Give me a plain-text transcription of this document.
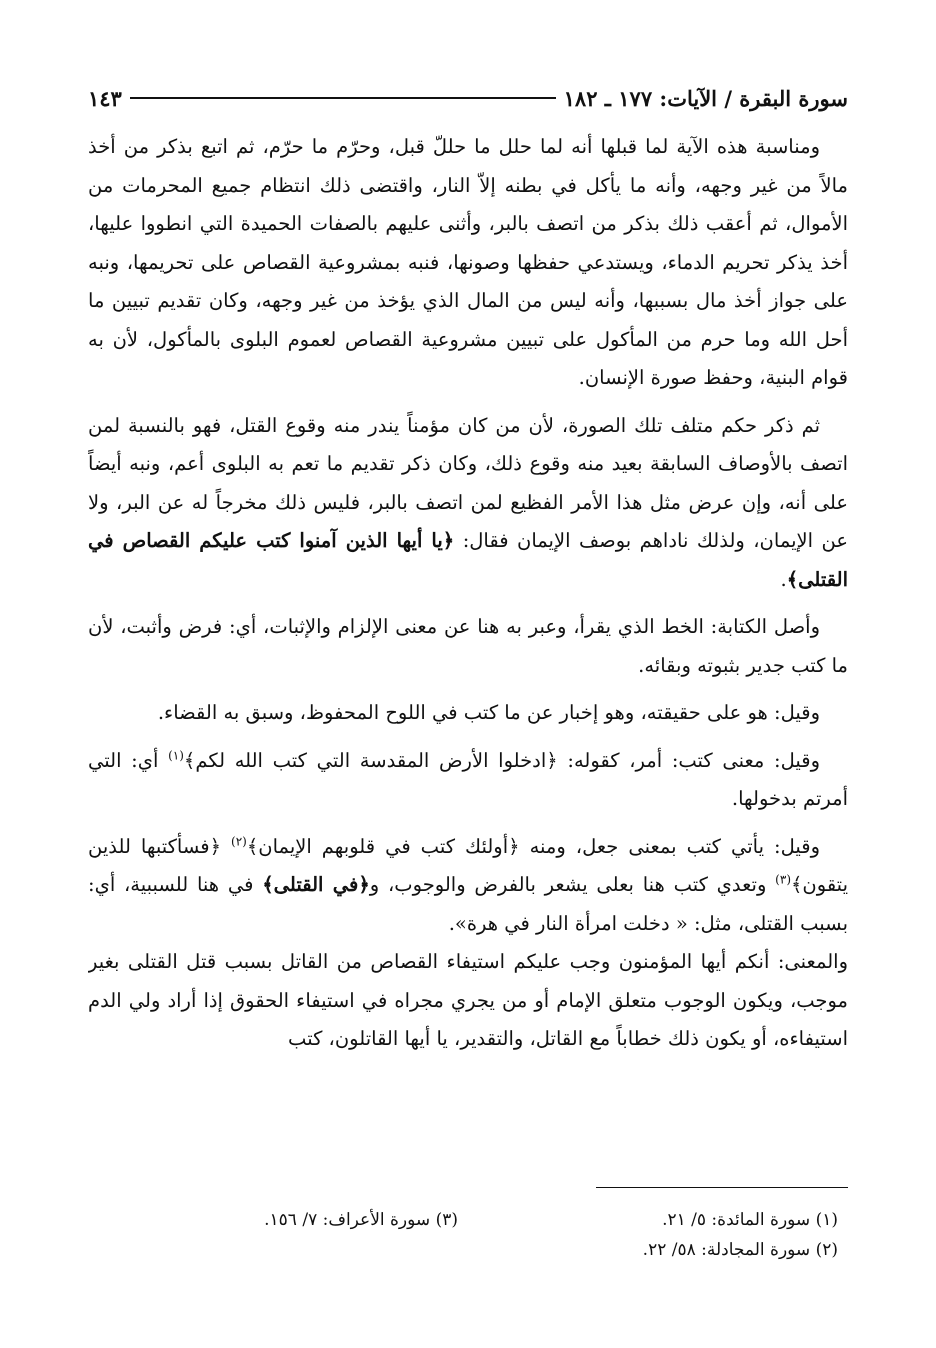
سورة البقرة / الآيات: ١٧٧ ـ ١٨٢
١٤٣

ومناسبة هذه الآية لما قبلها أنه لما حلل ما حللّ قبل، وحرّم ما حرّم، ثم اتبع بذكر من أخذ مالاً من غير وجهه، وأنه ما يأكل في بطنه إلاّ النار، واقتضى ذلك انتظام جميع المحرمات من الأموال، ثم أعقب ذلك بذكر من اتصف بالبر، وأثنى عليهم بالصفات الحميدة التي انطووا عليها، أخذ يذكر تحريم الدماء، ويستدعي حفظها وصونها، فنبه بمشروعية القصاص على تحريمها، ونبه على جواز أخذ مال بسببها، وأنه ليس من المال الذي يؤخذ من غير وجهه، وكان تقديم تبيين ما أحل الله وما حرم من المأكول على تبيين مشروعية القصاص لعموم البلوى بالمأكول، لأن به قوام البنية، وحفظ صورة الإنسان.

ثم ذكر حكم متلف تلك الصورة، لأن من كان مؤمناً يندر منه وقوع القتل، فهو بالنسبة لمن اتصف بالأوصاف السابقة بعيد منه وقوع ذلك، وكان ذكر تقديم ما تعم به البلوى أعم، ونبه أيضاً على أنه، وإن عرض مثل هذا الأمر الفظيع لمن اتصف بالبر، فليس ذلك مخرجاً له عن البر، ولا عن الإيمان، ولذلك ناداهم بوصف الإيمان فقال: ﴿يا أيها الذين آمنوا كتب عليكم القصاص في القتلى﴾.

وأصل الكتابة: الخط الذي يقرأ، وعبر به هنا عن معنى الإلزام والإثبات، أي: فرض وأثبت، لأن ما كتب جدير بثبوته وبقائه.

وقيل: هو على حقيقته، وهو إخبار عن ما كتب في اللوح المحفوظ، وسبق به القضاء.

وقيل: معنى كتب: أمر، كقوله: ﴿ادخلوا الأرض المقدسة التي كتب الله لكم﴾$^{(١)}$ أي: التي أمرتم بدخولها.

وقيل: يأتي كتب بمعنى جعل، ومنه ﴿أولئك كتب في قلوبهم الإيمان﴾$^{(٢)}$ ﴿فسأكتبها للذين يتقون﴾$^{(٣)}$ وتعدي كتب هنا بعلى يشعر بالفرض والوجوب، و﴿في القتلى﴾ في هنا للسببية، أي: بسبب القتلى، مثل: « دخلت امرأة النار في هرة».
والمعنى: أنكم أيها المؤمنون وجب عليكم استيفاء القصاص من القاتل بسبب قتل القتلى بغير موجب، ويكون الوجوب متعلق الإمام أو من يجري مجراه في استيفاء الحقوق إذا أراد ولي الدم استيفاءه، أو يكون ذلك خطاباً مع القاتل، والتقدير، يا أيها القاتلون، كتب

(١) سورة المائدة: ٥/ ٢١.
(٣) سورة الأعراف: ٧/ ١٥٦.
(٢) سورة المجادلة: ٥٨/ ٢٢.
